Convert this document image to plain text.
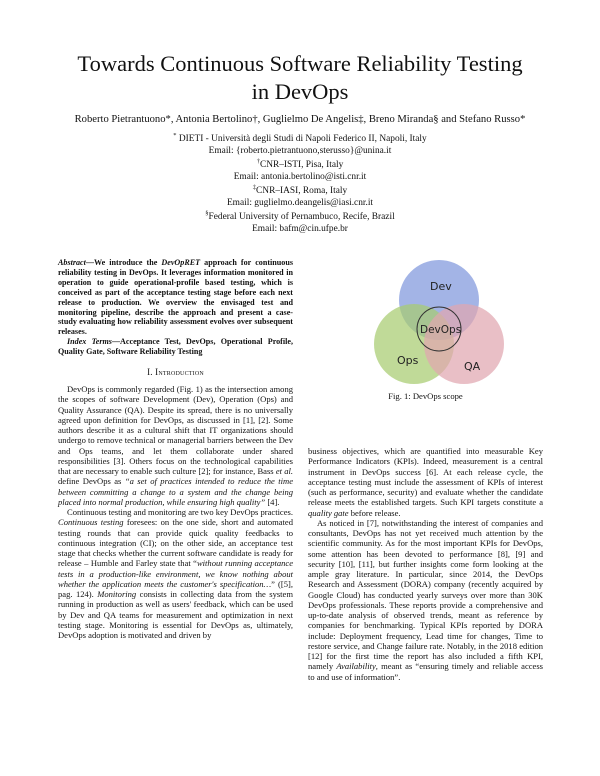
Towards Continuous Software Reliability Testing
in DevOps
Roberto Pietrantuono*, Antonia Bertolino†, Guglielmo De Angelis‡, Breno Miranda§ and Stefano Russo*
* DIETI - Università degli Studi di Napoli Federico II, Napoli, Italy
Email: {roberto.pietrantuono,sterusso}@unina.it
†CNR–ISTI, Pisa, Italy
Email: antonia.bertolino@isti.cnr.it
‡CNR–IASI, Roma, Italy
Email: guglielmo.deangelis@iasi.cnr.it
§Federal University of Pernambuco, Recife, Brazil
Email: bafm@cin.ufpe.br

Abstract—We introduce the DevOpRET approach for continuous reliability testing in DevOps. It leverages information monitored in operation to guide operational-profile based testing, which is conceived as part of the acceptance testing stage before each next release to production. We overview the envisaged test and monitoring pipeline, describe the approach and present a case-study evaluating how reliability assessment evolves over subsequent releases.

Index Terms—Acceptance Test, DevOps, Operational Profile, Quality Gate, Software Reliability Testing

I. Introduction

DevOps is commonly regarded (Fig. 1) as the intersection among the scopes of software Development (Dev), Operation (Ops) and Quality Assurance (QA). Despite its spread, there is no universally agreed upon definition for DevOps, as discussed in [1], [2]. Some authors describe it as a cultural shift that IT organizations should undergo to remove technical or managerial barriers between the Dev and Ops teams, and let them collaborate under shared responsibilities [3]. Others focus on the technological capabilities that are necessary to enable such culture [2]; for instance, Bass et al. define DevOps as “a set of practices intended to reduce the time between committing a change to a system and the change being placed into normal production, while ensuring high quality” [4].

Continuous testing and monitoring are two key DevOps practices. Continuous testing foresees: on the one side, short and automated testing rounds that can provide quick quality feedbacks to continuous integration (CI); on the other side, an acceptance test stage that checks whether the current software candidate is ready for release – Humble and Farley state that “without running acceptance tests in a production-like environment, we know nothing about whether the application meets the customer's specification…” ([5], pag. 124). Monitoring consists in collecting data from the system running in production as well as users' feedback, which can be used by Dev and QA teams for measurement and optimization in next testing stage. Monitoring is essential for DevOps as, ultimately, DevOps adoption is motivated and driven by

Dev
Ops	QA
DevOps
Fig. 1: DevOps scope

business objectives, which are quantified into measurable Key Performance Indicators (KPIs). Indeed, measurement is a central instrument in DevOps success [6]. At each release cycle, the acceptance testing must include the assessment of KPIs of interest (such as performance, security) and evaluate whether the candidate release meets the established targets. Such KPI targets constitute a quality gate before release.

As noticed in [7], notwithstanding the interest of companies and consultants, DevOps has not yet received much attention by the scientific community. As for the most important KPIs for DevOps, some attention has been devoted to performance [8], [9] and security [10], [11], but further insights come form looking at the ample gray literature. In particular, since 2014, the DevOps Research and Assessment (DORA) company (recently acquired by Google Cloud) has conducted yearly surveys over more than 30K DevOps professionals. These reports provide a comprehensive and up-to-date analysis of observed trends, meant as reference by companies for benchmarking. Typical KPIs reported by DORA include: Deployment frequency, Lead time for changes, Time to restore service, and Change failure rate. Notably, in the 2018 edition [12] for the first time the report has also included a fifth KPI, namely Availability, meant as “ensuring timely and reliable access to and use of information”.
